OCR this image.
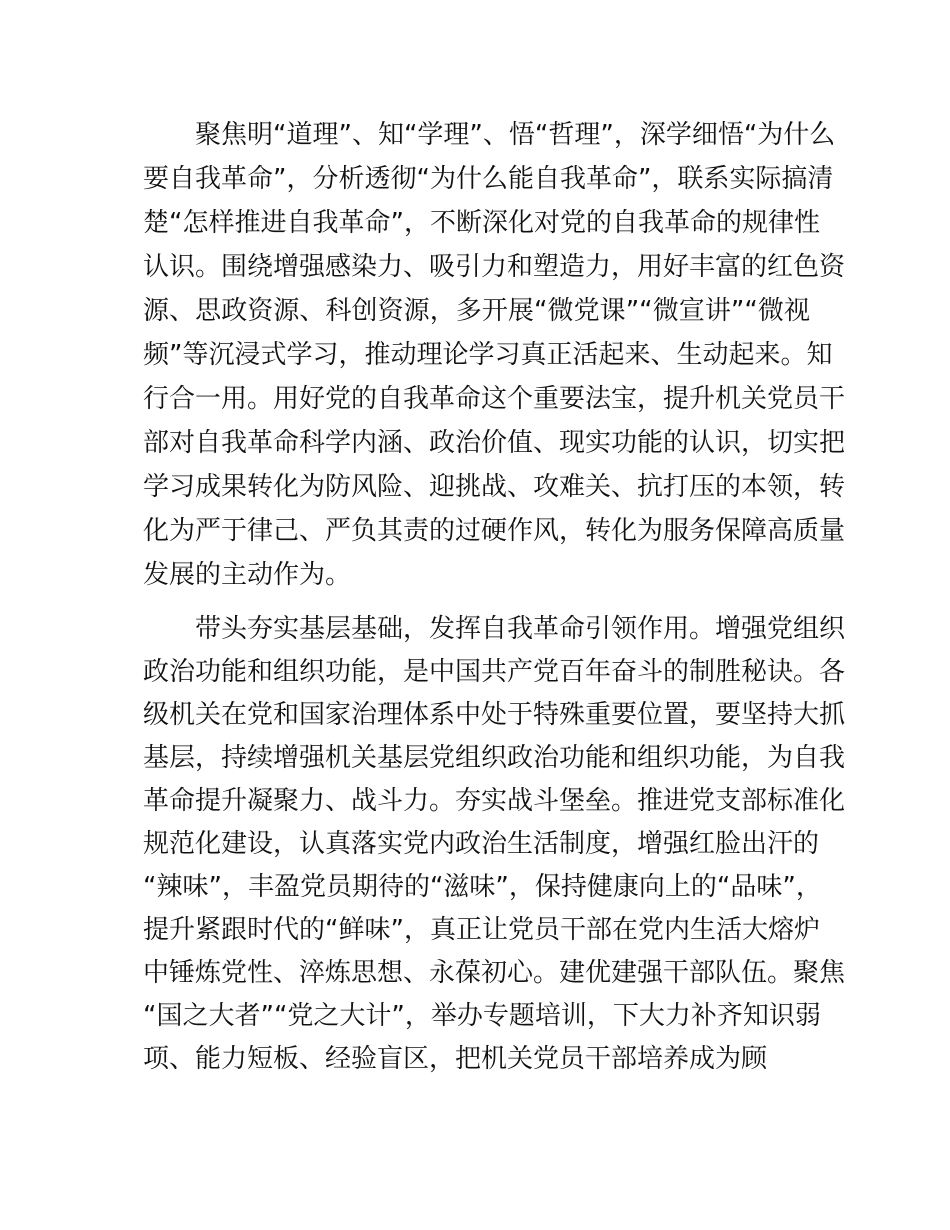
聚焦明“道理”、知“学理”、悟“哲理”，深学细悟“为什么
要自我革命”，分析透彻“为什么能自我革命”，联系实际搞清
楚“怎样推进自我革命”，不断深化对党的自我革命的规律性
认识。围绕增强感染力、吸引力和塑造力，用好丰富的红色资
源、思政资源、科创资源，多开展“微党课”“微宣讲”“微视
频”等沉浸式学习，推动理论学习真正活起来、生动起来。知
行合一用。用好党的自我革命这个重要法宝，提升机关党员干
部对自我革命科学内涵、政治价值、现实功能的认识，切实把
学习成果转化为防风险、迎挑战、攻难关、抗打压的本领，转
化为严于律己、严负其责的过硬作风，转化为服务保障高质量
发展的主动作为。
带头夯实基层基础，发挥自我革命引领作用。增强党组织
政治功能和组织功能，是中国共产党百年奋斗的制胜秘诀。各
级机关在党和国家治理体系中处于特殊重要位置，要坚持大抓
基层，持续增强机关基层党组织政治功能和组织功能，为自我
革命提升凝聚力、战斗力。夯实战斗堡垒。推进党支部标准化
规范化建设，认真落实党内政治生活制度，增强红脸出汗的
“辣味”，丰盈党员期待的“滋味”，保持健康向上的“品味”，
提升紧跟时代的“鲜味”，真正让党员干部在党内生活大熔炉
中锤炼党性、淬炼思想、永葆初心。建优建强干部队伍。聚焦
“国之大者”“党之大计”，举办专题培训，下大力补齐知识弱
项、能力短板、经验盲区，把机关党员干部培养成为顾
